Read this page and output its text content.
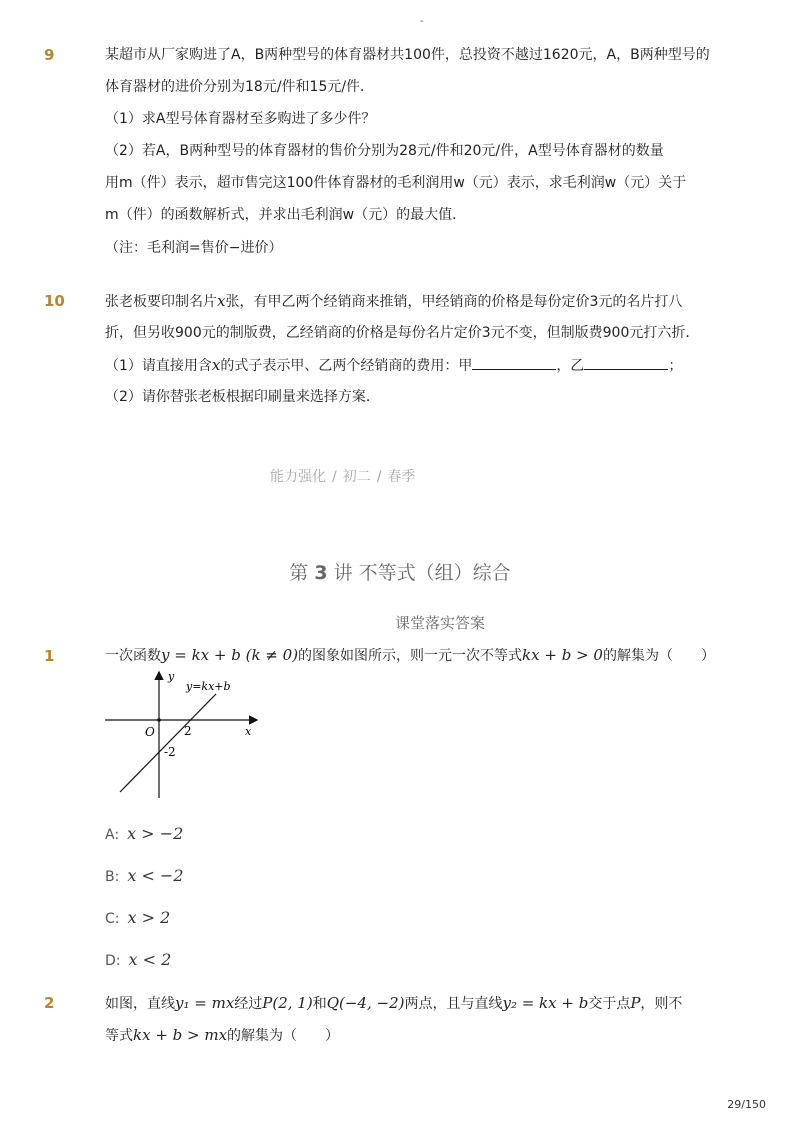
-
9	某超市从厂家购进了A，B两种型号的体育器材共100件，总投资不越过1620元，A，B两种型号的
体育器材的进价分别为18元/件和15元/件．
（1）求A型号体育器材至多购进了多少件？
（2）若A，B两种型号的体育器材的售价分别为28元/件和20元/件，A型号体育器材的数量
用m（件）表示，超市售完这100件体育器材的毛利润用w（元）表示，求毛利润w（元）关于
m（件）的函数解析式，并求出毛利润w（元）的最大值．
（注：毛利润=售价−进价）
10	张老板要印制名片x张，有甲乙两个经销商来推销，甲经销商的价格是每份定价3元的名片打八
折，但另收900元的制版费，乙经销商的价格是每份名片定价3元不变，但制版费900元打六折．
（1）请直接用含x的式子表示甲、乙两个经销商的费用：甲	，乙	；
（2）请你替张老板根据印刷量来选择方案．
能力强化 / 初二 / 春季
第 3 讲 不等式（组）综合
课堂落实答案
1	一次函数y = kx + b (k ≠ 0)的图象如图所示，则一元一次不等式kx + b > 0的解集为（　　）
y
y=kx+b
O 2
-2
x
A: x > −2
B: x < −2
C: x > 2
D: x < 2
2	如图，直线y₁ = mx经过P(2, 1)和Q(−4, −2)两点，且与直线y₂ = kx + b交于点P，则不
等式kx + b > mx的解集为（　　）
29/150
